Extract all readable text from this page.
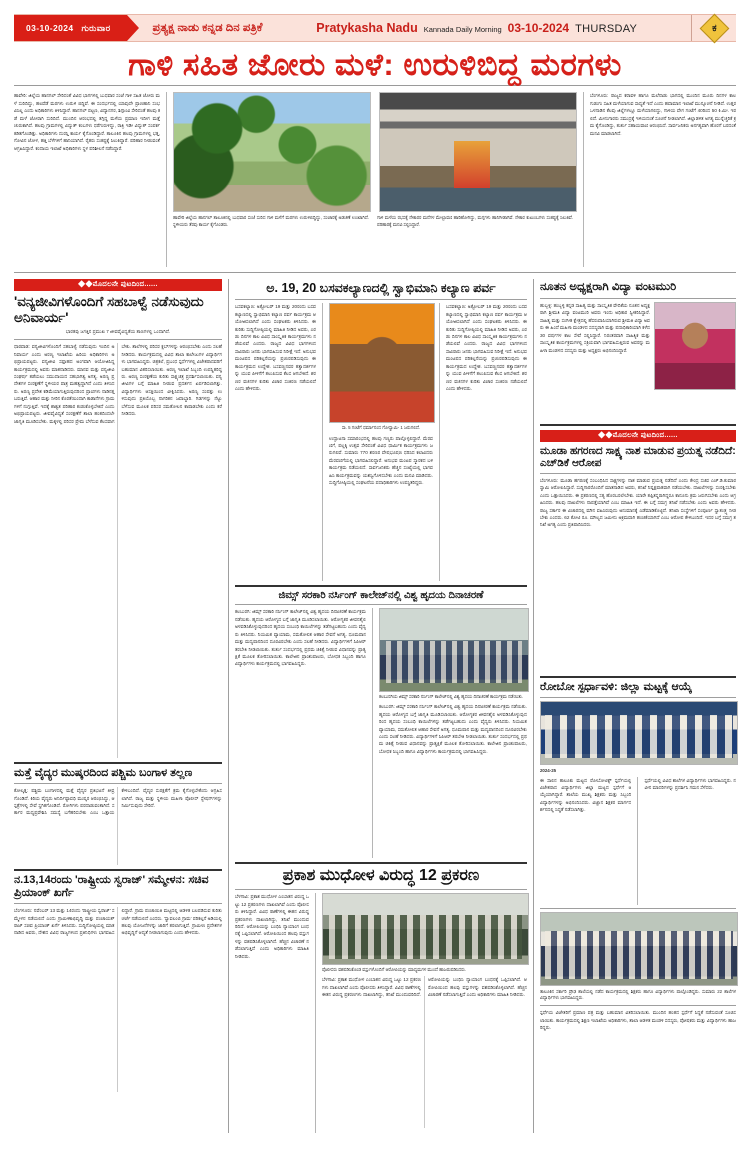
03-10-2024 ಗುರುವಾರ	ಪ್ರತ್ಯಕ್ಷ ನಾಡು ಕನ್ನಡ ದಿನ ಪತ್ರಿಕೆ	Pratykasha Nadu Kannada Daily Morning 03-10-2024 THURSDAY	ಕ
ಗಾಳಿ ಸಹಿತ ಜೋರು ಮಳೆ: ಉರುಳಿಬಿದ್ದ ಮರಗಳು
ಹಾವೇರಿ: ಜಿಲ್ಲೆಯ ಹಾನಗಲ್ ಸೇರಿದಂತೆ ವಿವಿಧ ಭಾಗಗಳಲ್ಲಿ ಬುಧವಾರ ಸಂಜೆ ಗಾಳಿ ಸಹಿತ ಜೋರು ಮಳೆ ಸುರಿದಿದ್ದು, ಹಲವೆಡೆ ಮರಗಳು ಉರುಳಿ ಬಿದ್ದಿವೆ. ಈ ಸಂದರ್ಭದಲ್ಲಿ ಯಾವುದೇ ಪ್ರಾಣಹಾನಿ ಸಂಭವಿಸಿಲ್ಲ ಎಂದು ಅಧಿಕಾರಿಗಳು ತಿಳಿಸಿದ್ದಾರೆ. ಹಾನಗಲ್ ಪಟ್ಟಣ, ವಿದ್ಯಾನಗರ, ಶಿಗ್ಗಾಂವಿ ಸೇರಿದಂತೆ ಹಲವು ಕಡೆ ಮಳೆ ಜೋರಾಗಿ ಸುರಿದಿದೆ. ಮುಂದಿನ ಆರಂಭದಲ್ಲಿ ತಗ್ಗಿದ್ದ ಮಳೆಯ ಪ್ರಮಾಣ ಇದೀಗ ಮತ್ತೆ ಚುರುಕಾಗಿದೆ. ಹಲವು ಗ್ರಾಮಗಳಲ್ಲಿ ವಿದ್ಯುತ್ ಕಂಬಗಳು ಧರೆಗುರುಳಿದ್ದು, ರಾತ್ರಿ ಇಡೀ ವಿದ್ಯುತ್ ಸಂಪರ್ಕ ಕಡಿತಗೊಂಡಿತ್ತು. ಅಧಿಕಾರಿಗಳು ದುರಸ್ತಿ ಕಾರ್ಯ ಕೈಗೊಂಡಿದ್ದಾರೆ. ತಾಲೂಕಿನ ಹಲವು ಗ್ರಾಮಗಳಲ್ಲಿ ಭತ್ತ, ಗೋವಿನ ಜೋಳ, ಹತ್ತಿ ಬೆಳೆಗಳಿಗೆ ಹಾನಿಯಾಗಿದೆ. ರೈತರು ಸಂಕಷ್ಟಕ್ಕೆ ಸಿಲುಕಿದ್ದಾರೆ. ಪರಿಹಾರ ನೀಡುವಂತೆ ಆಗ್ರಹಿಸಿದ್ದಾರೆ. ಕಂದಾಯ ಇಲಾಖೆ ಅಧಿಕಾರಿಗಳು ಸ್ಥಳ ಪರಿಶೀಲನೆ ನಡೆಸಿದ್ದಾರೆ.
ಹಾವೇರಿ ಜಿಲ್ಲೆಯ ಹಾನಗಲ್ ತಾಲೂಕಿನಲ್ಲಿ ಬುಧವಾರ ಸಂಜೆ ಸುರಿದ ಗಾಳಿ ಮಳೆಗೆ ಮರಗಳು ಉರುಳಿಬಿದ್ದಿದ್ದು, ಸಂಚಾರಕ್ಕೆ ಅಡಚಣೆ ಉಂಟಾಗಿದೆ. ಸ್ಥಳೀಯರು ತೆರವು ಕಾರ್ಯ ಕೈಗೊಂಡರು.
ಗಾಳಿ ಮಳೆಯ ರಭಸಕ್ಕೆ ನೇಕಾರರ ಮನೆಗಳ ಮೇಲ್ಛಾವಣಿ ಹಾರಿಹೋಗಿದ್ದು, ಮಗ್ಗಗಳು ಹಾನಿಗೀಡಾಗಿವೆ. ನೇಕಾರ ಕುಟುಂಬಗಳು ಸಂಕಷ್ಟಕ್ಕೆ ಸಿಲುಕಿವೆ. ಪರಿಹಾರಕ್ಕೆ ಮನವಿ ಸಲ್ಲಿಸಿದ್ದಾರೆ.
ಬೆಂಗಳೂರು: ರಾಜ್ಯದ ಕರಾವಳಿ ಹಾಗೂ ಮಲೆನಾಡು ಭಾಗದಲ್ಲಿ ಮುಂದಿನ ಮೂರು ದಿನಗಳ ಕಾಲ ಗುಡುಗು ಸಹಿತ ಮಳೆಯಾಗುವ ಸಾಧ್ಯತೆ ಇದೆ ಎಂದು ಹವಾಮಾನ ಇಲಾಖೆ ಮುನ್ಸೂಚನೆ ನೀಡಿದೆ. ಉತ್ತರ ಒಳನಾಡಿನ ಕೆಲವು ಜಿಲ್ಲೆಗಳಲ್ಲೂ ಮಳೆಯಾಗಲಿದ್ದು, ಗಾಳಿಯ ವೇಗ ಗಂಟೆಗೆ 40ರಿಂದ 50 ಕಿ.ಮೀ. ಇರಲಿದೆ. ಮೀನುಗಾರರು ಸಮುದ್ರಕ್ಕೆ ಇಳಿಯದಂತೆ ಸೂಚನೆ ನೀಡಲಾಗಿದೆ. ಜಿಲ್ಲಾಡಳಿತ ಅಗತ್ಯ ಮುನ್ನೆಚ್ಚರಿಕೆ ಕ್ರಮ ಕೈಗೊಂಡಿದ್ದು, ತುರ್ತು ಸಹಾಯವಾಣಿ ಆರಂಭಿಸಿದೆ. ಸಾರ್ವಜನಿಕರು ಅನಗತ್ಯವಾಗಿ ಹೊರಗೆ ಬರದಂತೆ ಮನವಿ ಮಾಡಲಾಗಿದೆ.
◆◆ಮೊದಲನೇ ಪುಟದಿಂದ......
'ವನ್ಯಜೀವಿಗಳೊಂದಿಗೆ ಸಹಬಾಳ್ವೆ ನಡೆಸುವುದು ಅನಿವಾರ್ಯ'
ಭಾರತವು ಜಗತ್ತಿನ ಪ್ರಮುಖ 7 ಜೀವವೈವಿಧ್ಯತೆಯ ತಾಣಗಳಲ್ಲಿ ಒಂದಾಗಿದೆ.
ಧಾರವಾಡ: ವನ್ಯಜೀವಿಗಳೊಂದಿಗೆ ಸಹಬಾಳ್ವೆ ನಡೆಸುವುದು ಇಂದಿನ ಅನಿವಾರ್ಯ ಎಂದು ಅರಣ್ಯ ಇಲಾಖೆಯ ಹಿರಿಯ ಅಧಿಕಾರಿಗಳು ಅಭಿಪ್ರಾಯಪಟ್ಟರು. ವನ್ಯಜೀವಿ ಸಪ್ತಾಹದ ಅಂಗವಾಗಿ ಆಯೋಜಿಸಿದ್ದ ಕಾರ್ಯಕ್ರಮದಲ್ಲಿ ಅವರು ಮಾತನಾಡಿದರು. ಮಾನವ ಮತ್ತು ವನ್ಯಜೀವಿ ಸಂಘರ್ಷ ತಡೆಯಲು ಸಮುದಾಯದ ಸಹಭಾಗಿತ್ವ ಅಗತ್ಯ. ಅರಣ್ಯ ಪ್ರದೇಶಗಳ ಸಂರಕ್ಷಣೆಗೆ ಸ್ಥಳೀಯರ ಪಾತ್ರ ಮಹತ್ವದ್ದಾಗಿದೆ ಎಂದು ತಿಳಿಸಿದರು. ಅರಣ್ಯ ಪ್ರದೇಶ ಕಡಿಮೆಯಾಗುತ್ತಿರುವುದರಿಂದ ಪ್ರಾಣಿಗಳು ನಾಡಿನತ್ತ ಬರುತ್ತಿವೆ. ಆಹಾರ ಮತ್ತು ನೀರಿನ ಕೊರತೆಯಿಂದಾಗಿ ಕಾಡಾನೆಗಳು ಗ್ರಾಮಗಳಿಗೆ ನುಗ್ಗುತ್ತಿವೆ. ಇದಕ್ಕೆ ಶಾಶ್ವತ ಪರಿಹಾರ ಕಂಡುಕೊಳ್ಳಬೇಕಿದೆ ಎಂದು ಅಭಿಪ್ರಾಯಪಟ್ಟರು. ಜೀವವೈವಿಧ್ಯತೆ ಸಂರಕ್ಷಣೆಗೆ ಶಾಲಾ ಹಂತದಿಂದಲೇ ಜಾಗೃತಿ ಮೂಡಿಸಬೇಕು. ಮಕ್ಕಳಲ್ಲಿ ಪರಿಸರ ಪ್ರೇಮ ಬೆಳೆಸುವ ಕೆಲಸವಾಗಬೇಕು. ಶಾಲೆಗಳಲ್ಲಿ ಪರಿಸರ ಕ್ಲಬ್‌ಗಳನ್ನು ಆರಂಭಿಸಬೇಕು ಎಂದು ಸಲಹೆ ನೀಡಿದರು. ಕಾರ್ಯಕ್ರಮದಲ್ಲಿ ವಿವಿಧ ಶಾಲಾ ಕಾಲೇಜುಗಳ ವಿದ್ಯಾರ್ಥಿಗಳು ಭಾಗವಹಿಸಿದ್ದರು. ಚಿತ್ರಕಲೆ, ಪ್ರಬಂಧ ಸ್ಪರ್ಧೆಗಳಲ್ಲಿ ವಿಜೇತರಾದವರಿಗೆ ಬಹುಮಾನ ವಿತರಿಸಲಾಯಿತು. ಅರಣ್ಯ ಇಲಾಖೆ ಸಿಬ್ಬಂದಿ ಉಪಸ್ಥಿತರಿದ್ದರು. ಅರಣ್ಯ ಸಂರಕ್ಷಣೆಯ ಕುರಿತು ಸಾಕ್ಷ್ಯಚಿತ್ರ ಪ್ರದರ್ಶಿಸಲಾಯಿತು. ವನ್ಯಜೀವಿಗಳ ಬಗ್ಗೆ ಮಾಹಿತಿ ನೀಡುವ ಪ್ರದರ್ಶನ ಏರ್ಪಡಿಸಲಾಗಿತ್ತು. ವಿದ್ಯಾರ್ಥಿಗಳು ಆಸಕ್ತಿಯಿಂದ ವೀಕ್ಷಿಸಿದರು. ಅರಣ್ಯ ಸಂಪತ್ತು ಉಳಿಸುವುದು ಪ್ರತಿಯೊಬ್ಬ ನಾಗರಿಕನ ಜವಾಬ್ದಾರಿ. ಗಿಡಗಳನ್ನು ನೆಟ್ಟು ಬೆಳೆಸುವ ಮೂಲಕ ಪರಿಸರ ಸಮತೋಲನ ಕಾಪಾಡಬೇಕು ಎಂದು ಕರೆ ನೀಡಿದರು.
ಮತ್ತೆ ವೈದ್ಯರ ಮುಷ್ಕರದಿಂದ ಪಶ್ಚಿಮ ಬಂಗಾಳ ತಲ್ಲಣ
ಕೋಲ್ಕತ್ತ: ಪಶ್ಚಿಮ ಬಂಗಾಳದಲ್ಲಿ ಮತ್ತೆ ವೈದ್ಯರ ಪ್ರತಿಭಟನೆ ತೀವ್ರಗೊಂಡಿದೆ. ಕಿರಿಯ ವೈದ್ಯರು ಅನಿರ್ದಿಷ್ಟಾವಧಿ ಮುಷ್ಕರ ಆರಂಭಿಸಿದ್ದು, ಆಸ್ಪತ್ರೆಗಳಲ್ಲಿ ಸೇವೆ ಸ್ಥಗಿತಗೊಂಡಿದೆ. ರೋಗಿಗಳು ಪರದಾಡುವಂತಾಗಿದೆ. ಸರ್ಕಾರ ಮಧ್ಯಪ್ರವೇಶಿಸಿ ಸಮಸ್ಯೆ ಬಗೆಹರಿಸಬೇಕು ಎಂಬ ಒತ್ತಾಯ ಕೇಳಿಬಂದಿದೆ. ವೈದ್ಯರ ಸುರಕ್ಷತೆಗೆ ಕ್ರಮ ಕೈಗೊಳ್ಳಬೇಕೆಂದು ಆಗ್ರಹಿಸಲಾಗಿದೆ. ರಾಜ್ಯ ಮತ್ತು ಸ್ಥಳೀಯ ಮಹಿಳಾ ಪೊಲೀಸ್ ಸ್ಟೇಷನ್‌ಗಳನ್ನು ನಿರ್ಮಿಸುವುದು ಸೇರಿದೆ.
ನ.13,14ರಂದು 'ರಾಷ್ಟ್ರೀಯ ಸ್ವರಾಜ್' ಸಮ್ಮೇಳನ: ಸಚಿವ ಪ್ರಿಯಾಂಕ್ ಖರ್ಗೆ
ಬೆಂಗಳೂರು: ನವೆಂಬರ್ 13 ಮತ್ತು 14ರಂದು 'ರಾಷ್ಟ್ರೀಯ ಸ್ವರಾಜ್' ಸಮ್ಮೇಳನ ನಡೆಯಲಿದೆ ಎಂದು ಗ್ರಾಮೀಣಾಭಿವೃದ್ಧಿ ಮತ್ತು ಪಂಚಾಯತ್ ರಾಜ್ ಸಚಿವ ಪ್ರಿಯಾಂಕ್ ಖರ್ಗೆ ತಿಳಿಸಿದರು. ಸುದ್ದಿಗೋಷ್ಠಿಯಲ್ಲಿ ಮಾತನಾಡಿದ ಅವರು, ದೇಶದ ವಿವಿಧ ರಾಜ್ಯಗಳಿಂದ ಪ್ರತಿನಿಧಿಗಳು ಭಾಗವಹಿಸಲಿದ್ದಾರೆ. ಗ್ರಾಮ ಪಂಚಾಯಿತಿ ಮಟ್ಟದಲ್ಲಿ ಆಡಳಿತ ಬಲಪಡಿಸುವ ಕುರಿತು ಚರ್ಚೆ ನಡೆಯಲಿದೆ ಎಂದರು. 'ಸ್ವಾವಲಂಬಿ ಗ್ರಾಮ' ಪರಿಕಲ್ಪನೆ ಅಡಿಯಲ್ಲಿ ಹಲವು ಯೋಜನೆಗಳನ್ನು ಜಾರಿಗೆ ತರಲಾಗುತ್ತಿದೆ. ಗ್ರಾಮೀಣ ಪ್ರದೇಶಗಳ ಅಭಿವೃದ್ಧಿಗೆ ಆದ್ಯತೆ ನೀಡಲಾಗುವುದು ಎಂದು ಹೇಳಿದರು.
ಅ. 19, 20 ಬಸವಕಲ್ಯಾಣದಲ್ಲಿ ಸ್ವಾಭಿಮಾನಿ ಕಲ್ಯಾಣ ಪರ್ವ
ಬಸವಕಲ್ಯಾಣ: ಅಕ್ಟೋಬರ್ 19 ಮತ್ತು 20ರಂದು ಬಸವಕಲ್ಯಾಣದಲ್ಲಿ ಸ್ವಾಭಿಮಾನಿ ಕಲ್ಯಾಣ ಪರ್ವ ಕಾರ್ಯಕ್ರಮ ಆಯೋಜಿಸಲಾಗಿದೆ ಎಂದು ಸಂಘಟಕರು ತಿಳಿಸಿದರು. ಈ ಕುರಿತು ಸುದ್ದಿಗೋಷ್ಠಿಯಲ್ಲಿ ಮಾಹಿತಿ ನೀಡಿದ ಅವರು, ಎರಡು ದಿನಗಳ ಕಾಲ ವಿವಿಧ ಸಾಂಸ್ಕೃತಿಕ ಕಾರ್ಯಕ್ರಮಗಳು ನಡೆಯಲಿವೆ ಎಂದರು. ರಾಜ್ಯದ ವಿವಿಧ ಭಾಗಗಳಿಂದ ಸಾವಿರಾರು ಜನರು ಭಾಗವಹಿಸುವ ನಿರೀಕ್ಷೆ ಇದೆ. ಅನುಭವ ಮಂಟಪದ ಪರಿಕಲ್ಪನೆಯನ್ನು ಪ್ರಚುರಪಡಿಸುವುದು ಈ ಕಾರ್ಯಕ್ರಮದ ಉದ್ದೇಶ. ಬಸವಣ್ಣನವರ ತತ್ವಾದರ್ಶಗಳನ್ನು ಯುವ ಪೀಳಿಗೆಗೆ ತಲುಪಿಸುವ ಕೆಲಸ ಆಗಬೇಕಿದೆ. ಶರಣರ ವಚನಗಳ ಕುರಿತು ವಿಚಾರ ಸಂಕಿರಣ ನಡೆಯಲಿದೆ ಎಂದು ಹೇಳಿದರು.
ಸಾ. 5 ಗಂಟೆಗೆ ಧರ್ಮಾನಂದ ಗೋಸ್ವಾಮಿ- 1 ಜರುಗಲಿದೆ.
ಉದ್ಘಾಟನಾ ಸಮಾರಂಭದಲ್ಲಿ ಹಲವು ಗಣ್ಯರು ಪಾಲ್ಗೊಳ್ಳಲಿದ್ದಾರೆ. ಮೆರವಣಿಗೆ, ಪಲ್ಲಕ್ಕಿ ಉತ್ಸವ ಸೇರಿದಂತೆ ವಿವಿಧ ಧಾರ್ಮಿಕ ಕಾರ್ಯಕ್ರಮಗಳು ಜರುಗಲಿವೆ. ಸುಮಾರು 770 ಶರಣರ ವೇಷಭೂಷಣ ಧರಿಸಿದ ಕಲಾವಿದರು ಮೆರವಣಿಗೆಯಲ್ಲಿ ಭಾಗವಹಿಸಲಿದ್ದಾರೆ. ಅನುಭವ ಮಂಟಪ ಸ್ಮಾರಕದ ಬಳಿ ಕಾರ್ಯಕ್ರಮ ನಡೆಯಲಿದೆ. ಸಾರ್ವಜನಿಕರು ಹೆಚ್ಚಿನ ಸಂಖ್ಯೆಯಲ್ಲಿ ಭಾಗವಹಿಸಿ ಕಾರ್ಯಕ್ರಮವನ್ನು ಯಶಸ್ವಿಗೊಳಿಸಬೇಕು ಎಂದು ಮನವಿ ಮಾಡಿದರು. ಸುದ್ದಿಗೋಷ್ಠಿಯಲ್ಲಿ ಸಂಘಟನೆಯ ಪದಾಧಿಕಾರಿಗಳು ಉಪಸ್ಥಿತರಿದ್ದರು.
ಬಸವಕಲ್ಯಾಣ: ಅಕ್ಟೋಬರ್ 19 ಮತ್ತು 20ರಂದು ಬಸವಕಲ್ಯಾಣದಲ್ಲಿ ಸ್ವಾಭಿಮಾನಿ ಕಲ್ಯಾಣ ಪರ್ವ ಕಾರ್ಯಕ್ರಮ ಆಯೋಜಿಸಲಾಗಿದೆ ಎಂದು ಸಂಘಟಕರು ತಿಳಿಸಿದರು. ಈ ಕುರಿತು ಸುದ್ದಿಗೋಷ್ಠಿಯಲ್ಲಿ ಮಾಹಿತಿ ನೀಡಿದ ಅವರು, ಎರಡು ದಿನಗಳ ಕಾಲ ವಿವಿಧ ಸಾಂಸ್ಕೃತಿಕ ಕಾರ್ಯಕ್ರಮಗಳು ನಡೆಯಲಿವೆ ಎಂದರು. ರಾಜ್ಯದ ವಿವಿಧ ಭಾಗಗಳಿಂದ ಸಾವಿರಾರು ಜನರು ಭಾಗವಹಿಸುವ ನಿರೀಕ್ಷೆ ಇದೆ. ಅನುಭವ ಮಂಟಪದ ಪರಿಕಲ್ಪನೆಯನ್ನು ಪ್ರಚುರಪಡಿಸುವುದು ಈ ಕಾರ್ಯಕ್ರಮದ ಉದ್ದೇಶ. ಬಸವಣ್ಣನವರ ತತ್ವಾದರ್ಶಗಳನ್ನು ಯುವ ಪೀಳಿಗೆಗೆ ತಲುಪಿಸುವ ಕೆಲಸ ಆಗಬೇಕಿದೆ. ಶರಣರ ವಚನಗಳ ಕುರಿತು ವಿಚಾರ ಸಂಕಿರಣ ನಡೆಯಲಿದೆ ಎಂದು ಹೇಳಿದರು.
ಜಿಮ್ಸ್ ಸರಕಾರಿ ನರ್ಸಿಂಗ್ ಕಾಲೇಜ್‌ನಲ್ಲಿ ವಿಶ್ವ ಹೃದಯ ದಿನಾಚರಣೆ
ಕಲಬುರಗಿ: ಜಿಮ್ಸ್ ಸರಕಾರಿ ನರ್ಸಿಂಗ್ ಕಾಲೇಜ್‌ನಲ್ಲಿ ವಿಶ್ವ ಹೃದಯ ದಿನಾಚರಣೆ ಕಾರ್ಯಕ್ರಮ ನಡೆಯಿತು. ಹೃದಯ ಆರೋಗ್ಯದ ಬಗ್ಗೆ ಜಾಗೃತಿ ಮೂಡಿಸಲಾಯಿತು. ಆರೋಗ್ಯಕರ ಜೀವನಶೈಲಿ ಅಳವಡಿಸಿಕೊಳ್ಳುವುದರಿಂದ ಹೃದಯ ಸಂಬಂಧಿ ಕಾಯಿಲೆಗಳನ್ನು ತಡೆಗಟ್ಟಬಹುದು ಎಂದು ವೈದ್ಯರು ತಿಳಿಸಿದರು. ನಿಯಮಿತ ವ್ಯಾಯಾಮ, ಸಮತೋಲಿತ ಆಹಾರ ಸೇವನೆ ಅಗತ್ಯ. ಧೂಮಪಾನ ಮತ್ತು ಮದ್ಯಪಾನದಿಂದ ದೂರವಿರಬೇಕು ಎಂದು ಸಲಹೆ ನೀಡಿದರು. ವಿದ್ಯಾರ್ಥಿಗಳಿಗೆ ಸಿಪಿಆರ್ ತರಬೇತಿ ನೀಡಲಾಯಿತು. ತುರ್ತು ಸಂದರ್ಭದಲ್ಲಿ ಪ್ರಥಮ ಚಿಕಿತ್ಸೆ ನೀಡುವ ವಿಧಾನವನ್ನು ಪ್ರಾತ್ಯಕ್ಷಿಕೆ ಮೂಲಕ ತೋರಿಸಲಾಯಿತು. ಕಾಲೇಜಿನ ಪ್ರಾಂಶುಪಾಲರು, ಬೋಧಕ ಸಿಬ್ಬಂದಿ ಹಾಗೂ ವಿದ್ಯಾರ್ಥಿಗಳು ಕಾರ್ಯಕ್ರಮದಲ್ಲಿ ಭಾಗವಹಿಸಿದ್ದರು.
ಕಲಬುರಗಿಯ ಜಿಮ್ಸ್ ಸರಕಾರಿ ನರ್ಸಿಂಗ್ ಕಾಲೇಜ್‌ನಲ್ಲಿ ವಿಶ್ವ ಹೃದಯ ದಿನಾಚರಣೆ ಕಾರ್ಯಕ್ರಮ ನಡೆಯಿತು.
ಕಲಬುರಗಿ: ಜಿಮ್ಸ್ ಸರಕಾರಿ ನರ್ಸಿಂಗ್ ಕಾಲೇಜ್‌ನಲ್ಲಿ ವಿಶ್ವ ಹೃದಯ ದಿನಾಚರಣೆ ಕಾರ್ಯಕ್ರಮ ನಡೆಯಿತು. ಹೃದಯ ಆರೋಗ್ಯದ ಬಗ್ಗೆ ಜಾಗೃತಿ ಮೂಡಿಸಲಾಯಿತು. ಆರೋಗ್ಯಕರ ಜೀವನಶೈಲಿ ಅಳವಡಿಸಿಕೊಳ್ಳುವುದರಿಂದ ಹೃದಯ ಸಂಬಂಧಿ ಕಾಯಿಲೆಗಳನ್ನು ತಡೆಗಟ್ಟಬಹುದು ಎಂದು ವೈದ್ಯರು ತಿಳಿಸಿದರು. ನಿಯಮಿತ ವ್ಯಾಯಾಮ, ಸಮತೋಲಿತ ಆಹಾರ ಸೇವನೆ ಅಗತ್ಯ. ಧೂಮಪಾನ ಮತ್ತು ಮದ್ಯಪಾನದಿಂದ ದೂರವಿರಬೇಕು ಎಂದು ಸಲಹೆ ನೀಡಿದರು. ವಿದ್ಯಾರ್ಥಿಗಳಿಗೆ ಸಿಪಿಆರ್ ತರಬೇತಿ ನೀಡಲಾಯಿತು. ತುರ್ತು ಸಂದರ್ಭದಲ್ಲಿ ಪ್ರಥಮ ಚಿಕಿತ್ಸೆ ನೀಡುವ ವಿಧಾನವನ್ನು ಪ್ರಾತ್ಯಕ್ಷಿಕೆ ಮೂಲಕ ತೋರಿಸಲಾಯಿತು. ಕಾಲೇಜಿನ ಪ್ರಾಂಶುಪಾಲರು, ಬೋಧಕ ಸಿಬ್ಬಂದಿ ಹಾಗೂ ವಿದ್ಯಾರ್ಥಿಗಳು ಕಾರ್ಯಕ್ರಮದಲ್ಲಿ ಭಾಗವಹಿಸಿದ್ದರು.
ಪ್ರಕಾಶ ಮುಧೋಳ ವಿರುದ್ಧ 12 ಪ್ರಕರಣ
ಬೆಳಗಾವಿ: ಪ್ರಕಾಶ ಮುಧೋಳ ಎಂಬಾತನ ವಿರುದ್ಧ ಒಟ್ಟು 12 ಪ್ರಕರಣಗಳು ದಾಖಲಾಗಿವೆ ಎಂದು ಪೊಲೀಸರು ತಿಳಿಸಿದ್ದಾರೆ. ವಿವಿಧ ಠಾಣೆಗಳಲ್ಲಿ ಈತನ ವಿರುದ್ಧ ಪ್ರಕರಣಗಳು ದಾಖಲಾಗಿದ್ದು, ತನಿಖೆ ಮುಂದುವರಿದಿದೆ. ಆರೋಪಿಯನ್ನು ಬಂಧಿಸಿ ನ್ಯಾಯಾಂಗ ಬಂಧನಕ್ಕೆ ಒಪ್ಪಿಸಲಾಗಿದೆ. ಆರೋಪಿಯಿಂದ ಹಲವು ವಸ್ತುಗಳನ್ನು ವಶಪಡಿಸಿಕೊಳ್ಳಲಾಗಿದೆ. ಹೆಚ್ಚಿನ ವಿಚಾರಣೆ ನಡೆಸಲಾಗುತ್ತಿದೆ ಎಂದು ಅಧಿಕಾರಿಗಳು ಮಾಹಿತಿ ನೀಡಿದರು.
ಪೊಲೀಸರು ವಶಪಡಿಸಿಕೊಂಡ ವಸ್ತುಗಳೊಂದಿಗೆ ಆರೋಪಿಯನ್ನು ಮಾಧ್ಯಮಗಳ ಮುಂದೆ ಹಾಜರುಪಡಿಸಿದರು.
ಬೆಳಗಾವಿ: ಪ್ರಕಾಶ ಮುಧೋಳ ಎಂಬಾತನ ವಿರುದ್ಧ ಒಟ್ಟು 12 ಪ್ರಕರಣಗಳು ದಾಖಲಾಗಿವೆ ಎಂದು ಪೊಲೀಸರು ತಿಳಿಸಿದ್ದಾರೆ. ವಿವಿಧ ಠಾಣೆಗಳಲ್ಲಿ ಈತನ ವಿರುದ್ಧ ಪ್ರಕರಣಗಳು ದಾಖಲಾಗಿದ್ದು, ತನಿಖೆ ಮುಂದುವರಿದಿದೆ. ಆರೋಪಿಯನ್ನು ಬಂಧಿಸಿ ನ್ಯಾಯಾಂಗ ಬಂಧನಕ್ಕೆ ಒಪ್ಪಿಸಲಾಗಿದೆ. ಆರೋಪಿಯಿಂದ ಹಲವು ವಸ್ತುಗಳನ್ನು ವಶಪಡಿಸಿಕೊಳ್ಳಲಾಗಿದೆ. ಹೆಚ್ಚಿನ ವಿಚಾರಣೆ ನಡೆಸಲಾಗುತ್ತಿದೆ ಎಂದು ಅಧಿಕಾರಿಗಳು ಮಾಹಿತಿ ನೀಡಿದರು.
ನೂತನ ಅಧ್ಯಕ್ಷರಾಗಿ ವಿದ್ಯಾ ವಂಟಮುರಿ
ಹುಬ್ಬಳ್ಳಿ: ಹುಬ್ಬಳ್ಳಿ ಕನ್ನಡ ಸಾಹಿತ್ಯ ಮತ್ತು ಸಾಂಸ್ಕೃತಿಕ ವೇದಿಕೆಯ ನೂತನ ಅಧ್ಯಕ್ಷರಾಗಿ ಶ್ರೀಮತಿ ವಿದ್ಯಾ ವಂಟಮುರಿ ಅವರು ಇಂದು ಅಧಿಕಾರ ಸ್ವೀಕರಿಸಿದ್ದಾರೆ. ಸಾಹಿತ್ಯ ಮತ್ತು ಸಂಗೀತ ಕ್ಷೇತ್ರದಲ್ಲಿ ಹೆಸರುವಾಸಿಯಾಗಿರುವ ಶ್ರೀಮತಿ ವಿದ್ಯಾ ಅವರು ಈ ಹಿಂದೆ ಮಹಿಳಾ ಮಂಡಳದ ಸದಸ್ಯರಾಗಿ ಮತ್ತು ಪದಾಧಿಕಾರಿಯಾಗಿ ಕಳೆದ 30 ವರ್ಷಗಳ ಕಾಲ ಸೇವೆ ಸಲ್ಲಿಸಿದ್ದಾರೆ. ನಿರಂತರವಾಗಿ ಸಾಹಿತ್ಯಿಕ ಮತ್ತು ಸಾಂಸ್ಕೃತಿಕ ಕಾರ್ಯಕ್ರಮಗಳಲ್ಲಿ ಸಕ್ರಿಯವಾಗಿ ಭಾಗವಹಿಸುತ್ತಿರುವ ಅವರನ್ನು ಮಹಿಳಾ ಮಂಡಳದ ಸದಸ್ಯರು ಮತ್ತು ಅಧ್ಯಕ್ಷರು ಅಭಿನಂದಿಸಿದ್ದಾರೆ.
◆◆ಮೊದಲನೇ ಪುಟದಿಂದ......
ಮೂಡಾ ಹಗರಣದ ಸಾಕ್ಷ್ಯ ನಾಶ ಮಾಡುವ ಪ್ರಯತ್ನ ನಡೆದಿದೆ: ಎಚ್‌ಡಿಕೆ ಆರೋಪ
ಬೆಂಗಳೂರು: ಮೂಡಾ ಹಗರಣಕ್ಕೆ ಸಂಬಂಧಿಸಿದ ಸಾಕ್ಷ್ಯಗಳನ್ನು ನಾಶ ಮಾಡುವ ಪ್ರಯತ್ನ ನಡೆದಿದೆ ಎಂದು ಕೇಂದ್ರ ಸಚಿವ ಎಚ್.ಡಿ.ಕುಮಾರಸ್ವಾಮಿ ಆರೋಪಿಸಿದ್ದಾರೆ. ಸುದ್ದಿಗಾರರೊಂದಿಗೆ ಮಾತನಾಡಿದ ಅವರು, ತನಿಖೆ ನಿಷ್ಪಕ್ಷಪಾತವಾಗಿ ನಡೆಯಬೇಕು. ದಾಖಲೆಗಳನ್ನು ಸಂರಕ್ಷಿಸಬೇಕು ಎಂದು ಒತ್ತಾಯಿಸಿದರು. ಈ ಪ್ರಕರಣದಲ್ಲಿ ಸತ್ಯ ಹೊರಬರಲೇಬೇಕು. ಯಾರೇ ತಪ್ಪಿತಸ್ಥರಾಗಿದ್ದರೂ ಕಾನೂನು ಕ್ರಮ ಜರುಗಿಸಬೇಕು ಎಂದು ಆಗ್ರಹಿಸಿದರು. ಹಲವು ದಾಖಲೆಗಳು ನಾಪತ್ತೆಯಾಗಿವೆ ಎಂಬ ಮಾಹಿತಿ ಇದೆ. ಈ ಬಗ್ಗೆ ಸಮಗ್ರ ತನಿಖೆ ನಡೆಸಬೇಕು ಎಂದು ಅವರು ಹೇಳಿದರು. ರಾಜ್ಯ ಸರ್ಕಾರ ಈ ವಿಚಾರದಲ್ಲಿ ಮೌನ ವಹಿಸಿರುವುದು ಅನುಮಾನಕ್ಕೆ ಎಡೆಮಾಡಿಕೊಟ್ಟಿದೆ. ತನಿಖಾ ಸಂಸ್ಥೆಗಳಿಗೆ ಸಂಪೂರ್ಣ ಸ್ವಾತಂತ್ರ್ಯ ನೀಡಬೇಕು ಎಂದರು. 62 ಕೋಟಿ ರೂ. ಮೌಲ್ಯದ ಜಮೀನು ಅಕ್ರಮವಾಗಿ ಹಂಚಿಕೆಯಾಗಿದೆ ಎಂಬ ಆರೋಪ ಕೇಳಿಬಂದಿದೆ. ಇದರ ಬಗ್ಗೆ ಸಮಗ್ರ ತನಿಖೆ ಅಗತ್ಯ ಎಂದು ಪ್ರತಿಪಾದಿಸಿದರು.
ರೋಬೋ ಸ್ಪರ್ಧಾವಳಿ: ಜಿಲ್ಲಾ ಮಟ್ಟಕ್ಕೆ ಆಯ್ಕೆ
2024-25
ಈ ಸಾಲಿನ ತಾಲೂಕು ಮಟ್ಟದ ರೋಬೋಟಿಕ್ಸ್ ಸ್ಪರ್ಧೆಯಲ್ಲಿ ವಿಜೇತರಾದ ವಿದ್ಯಾರ್ಥಿಗಳು ಜಿಲ್ಲಾ ಮಟ್ಟದ ಸ್ಪರ್ಧೆಗೆ ಆಯ್ಕೆಯಾಗಿದ್ದಾರೆ. ಶಾಲೆಯ ಮುಖ್ಯ ಶಿಕ್ಷಕರು ಮತ್ತು ಸಿಬ್ಬಂದಿ ವಿದ್ಯಾರ್ಥಿಗಳನ್ನು ಅಭಿನಂದಿಸಿದರು. ವಿಜ್ಞಾನ ಶಿಕ್ಷಕರ ಮಾರ್ಗದರ್ಶನದಲ್ಲಿ ಸಿದ್ಧತೆ ನಡೆಸಲಾಗಿತ್ತು.
ಸ್ಪರ್ಧೆಯಲ್ಲಿ ವಿವಿಧ ಶಾಲೆಗಳ ವಿದ್ಯಾರ್ಥಿಗಳು ಭಾಗವಹಿಸಿದ್ದರು. ನವೀನ ಮಾದರಿಗಳನ್ನು ಪ್ರದರ್ಶಿಸಿ ಗಮನ ಸೆಳೆದರು.
ತಾಲೂಕಿನ ಸರ್ಕಾರಿ ಪ್ರೌಢ ಶಾಲೆಯಲ್ಲಿ ನಡೆದ ಕಾರ್ಯಕ್ರಮದಲ್ಲಿ ಶಿಕ್ಷಕರು ಹಾಗೂ ವಿದ್ಯಾರ್ಥಿಗಳು ಪಾಲ್ಗೊಂಡಿದ್ದರು. ಸುಮಾರು 22 ಶಾಲೆಗಳ ವಿದ್ಯಾರ್ಥಿಗಳು ಭಾಗವಹಿಸಿದ್ದರು.
ಸ್ಪರ್ಧೆಯ ವಿಜೇತರಿಗೆ ಪ್ರಮಾಣ ಪತ್ರ ಮತ್ತು ಬಹುಮಾನ ವಿತರಿಸಲಾಯಿತು. ಮುಂದಿನ ಹಂತದ ಸ್ಪರ್ಧೆಗೆ ಸಿದ್ಧತೆ ನಡೆಸುವಂತೆ ಸೂಚಿಸಲಾಯಿತು. ಕಾರ್ಯಕ್ರಮದಲ್ಲಿ ಶಿಕ್ಷಣ ಇಲಾಖೆಯ ಅಧಿಕಾರಿಗಳು, ಶಾಲಾ ಆಡಳಿತ ಮಂಡಳಿ ಸದಸ್ಯರು, ಪೋಷಕರು ಮತ್ತು ವಿದ್ಯಾರ್ಥಿಗಳು ಹಾಜರಿದ್ದರು.
